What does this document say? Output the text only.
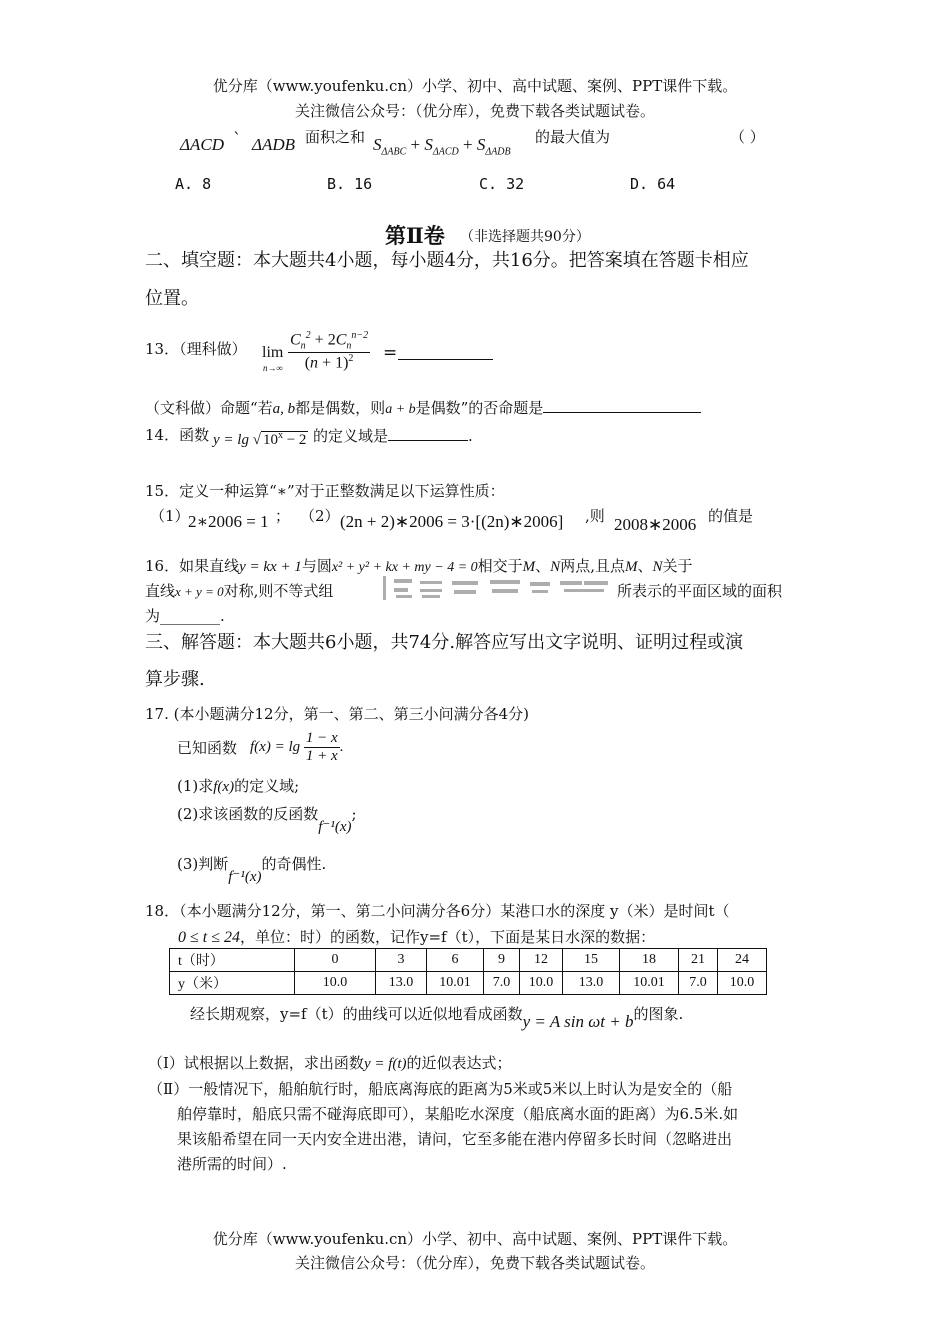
优分库（www.youfenku.cn）小学、初中、高中试题、案例、PPT课件下载。
关注微信公众号：（优分库），免费下载各类试题试卷。
ΔACD ` ΔADB 面积之和 $S_{\Delta ABC} + S_{\Delta ACD} + S_{\Delta ADB}$
的最大值为	（ ）
A. 8	B. 16	C. 32	D. 64
第Ⅱ卷 （非选择题共90分）
二、填空题：本大题共4小题，每小题4分，共16分。把答案填在答题卡相应
位置。
13．（理科做） lim
$n\to\infty \frac{C_n^2 + 2C_n^{n-2}}{(n + 1)^2}$ =
（文科做）命题“若a, b都是偶数，则a + b是偶数”的否命题是
14．函数 y = lg √ $10^x - 2$ 的定义域是	.
15．定义一种运算“∗”对于正整数满足以下运算性质：
（1）
2∗2006 = 1 ； （2） (2n + 2)∗2006 = 3·[(2n)∗2006] ,则 2008∗2006 的值是
16．如果直线y = kx + 1与圆x² + y² + kx + my − 4 = 0相交于M、N两点,且点M、N关于
直线x + y = 0对称,则不等式组	所表示的平面区域的面积
为________.
三、解答题：本大题共6小题，共74分.解答应写出文字说明、证明过程或演
算步骤.
17. (本小题满分12分，第一、第二、第三小问满分各4分)
已知函数 $f(x) = \lg \frac{1 - x}{1 + x}$ .
(1)求f(x)的定义域;
(2)求该函数的反函数f⁻¹(x);
(3)判断f⁻¹(x)的奇偶性.
18．（本小题满分12分，第一、第二小问满分各6分）某港口水的深度 y（米）是时间t（
0 ≤ t ≤ 24，单位：时）的函数，记作y=f（t），下面是某日水深的数据：
t（时）	0	3	6	9	12	15	18	21	24
y（米）	10.0	13.0	10.01	7.0	10.0	13.0	10.01	7.0	10.0
经长期观察，y=f（t）的曲线可以近似地看成函数y = A sin ωt + b的图象.
（Ⅰ）试根据以上数据，求出函数y = f(t)的近似表达式；
（Ⅱ）一般情况下，船舶航行时，船底离海底的距离为5米或5米以上时认为是安全的（船
舶停靠时，船底只需不碰海底即可），某船吃水深度（船底离水面的距离）为6.5米.如
果该船希望在同一天内安全进出港，请问，它至多能在港内停留多长时间（忽略进出
港所需的时间）.
优分库（www.youfenku.cn）小学、初中、高中试题、案例、PPT课件下载。
关注微信公众号：（优分库），免费下载各类试题试卷。
